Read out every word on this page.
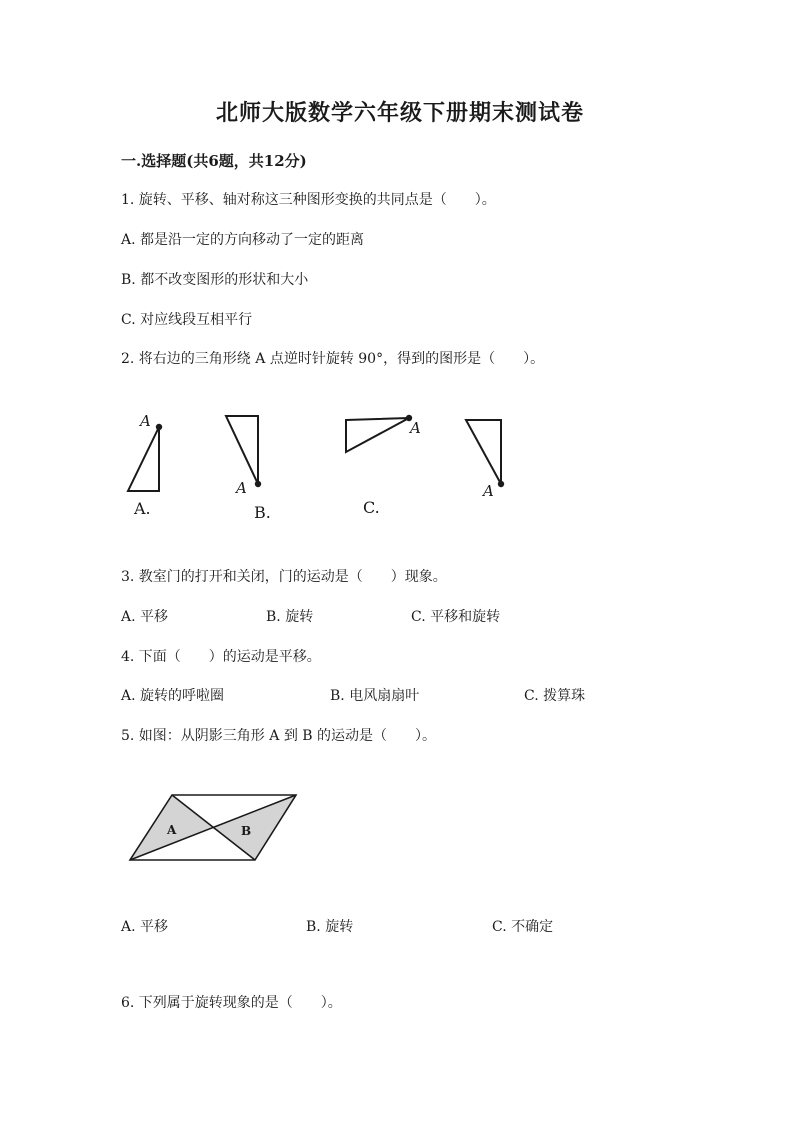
北师大版数学六年级下册期末测试卷
一.选择题(共6题，共12分)
1. 旋转、平移、轴对称这三种图形变换的共同点是（　　）。
A. 都是沿一定的方向移动了一定的距离
B. 都不改变图形的形状和大小
C. 对应线段互相平行
2. 将右边的三角形绕 A 点逆时针旋转 90°，得到的图形是（　　）。
A
A
A
A
A.	B.	C.
A	B
3. 教室门的打开和关闭，门的运动是（　　）现象。
A. 平移	B. 旋转	C. 平移和旋转
4. 下面（　　）的运动是平移。
A. 旋转的呼啦圈	B. 电风扇扇叶	C. 拨算珠
5. 如图：从阴影三角形 A 到 B 的运动是（　　）。
A. 平移	B. 旋转	C. 不确定
6. 下列属于旋转现象的是（　　）。
